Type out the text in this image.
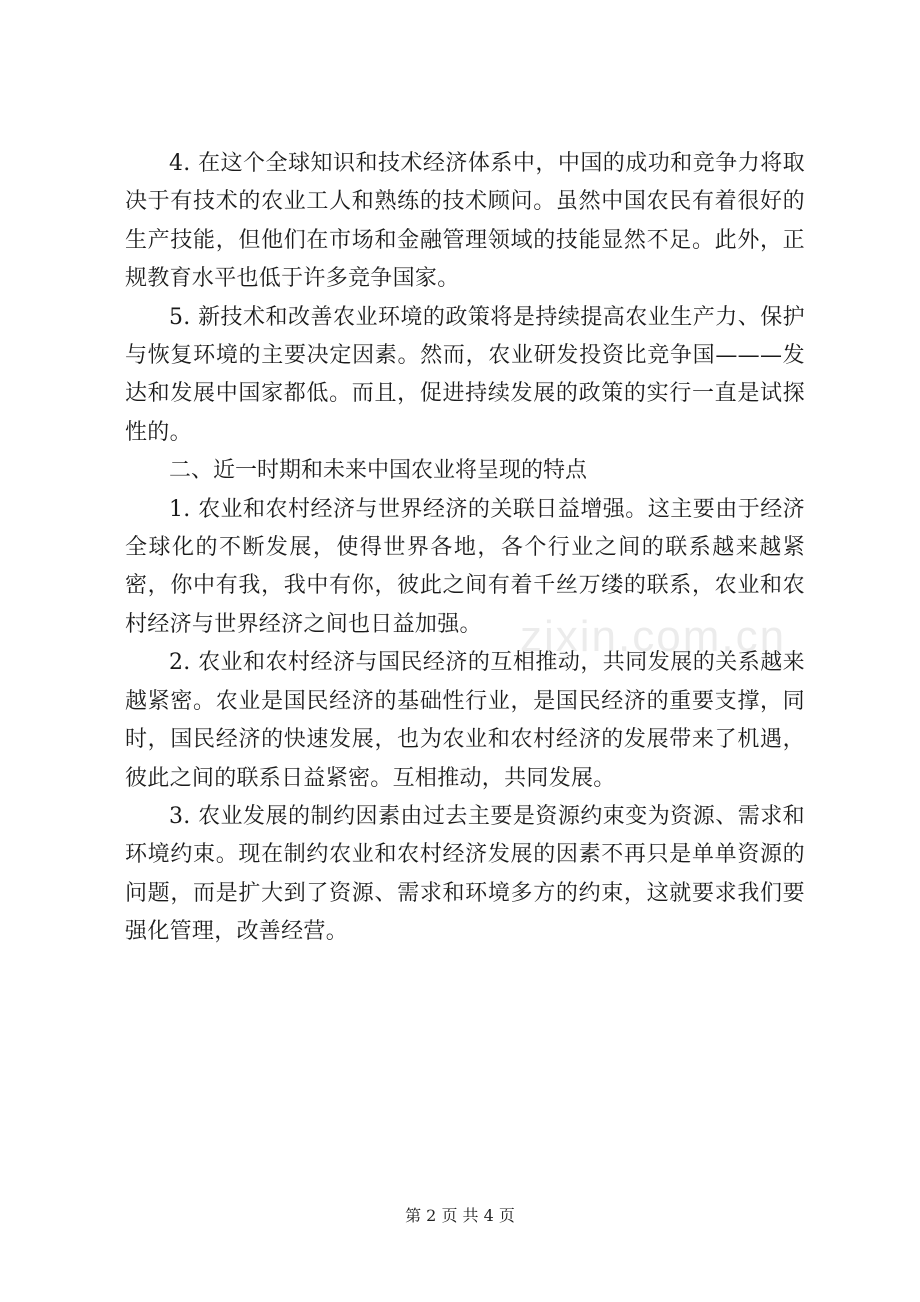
4. 在这个全球知识和技术经济体系中，中国的成功和竞争力将取决于有技术的农业工人和熟练的技术顾问。虽然中国农民有着很好的生产技能，但他们在市场和金融管理领域的技能显然不足。此外，正规教育水平也低于许多竞争国家。

5. 新技术和改善农业环境的政策将是持续提高农业生产力、保护与恢复环境的主要决定因素。然而，农业研发投资比竞争国———发达和发展中国家都低。而且，促进持续发展的政策的实行一直是试探性的。

二、近一时期和未来中国农业将呈现的特点

1. 农业和农村经济与世界经济的关联日益增强。这主要由于经济全球化的不断发展，使得世界各地，各个行业之间的联系越来越紧密，你中有我，我中有你，彼此之间有着千丝万缕的联系，农业和农村经济与世界经济之间也日益加强。

2. 农业和农村经济与国民经济的互相推动，共同发展的关系越来越紧密。农业是国民经济的基础性行业，是国民经济的重要支撑，同时，国民经济的快速发展，也为农业和农村经济的发展带来了机遇，彼此之间的联系日益紧密。互相推动，共同发展。

3. 农业发展的制约因素由过去主要是资源约束变为资源、需求和环境约束。现在制约农业和农村经济发展的因素不再只是单单资源的问题，而是扩大到了资源、需求和环境多方的约束，这就要求我们要强化管理，改善经营。

zixin.com.cn
第 2 页 共 4 页
